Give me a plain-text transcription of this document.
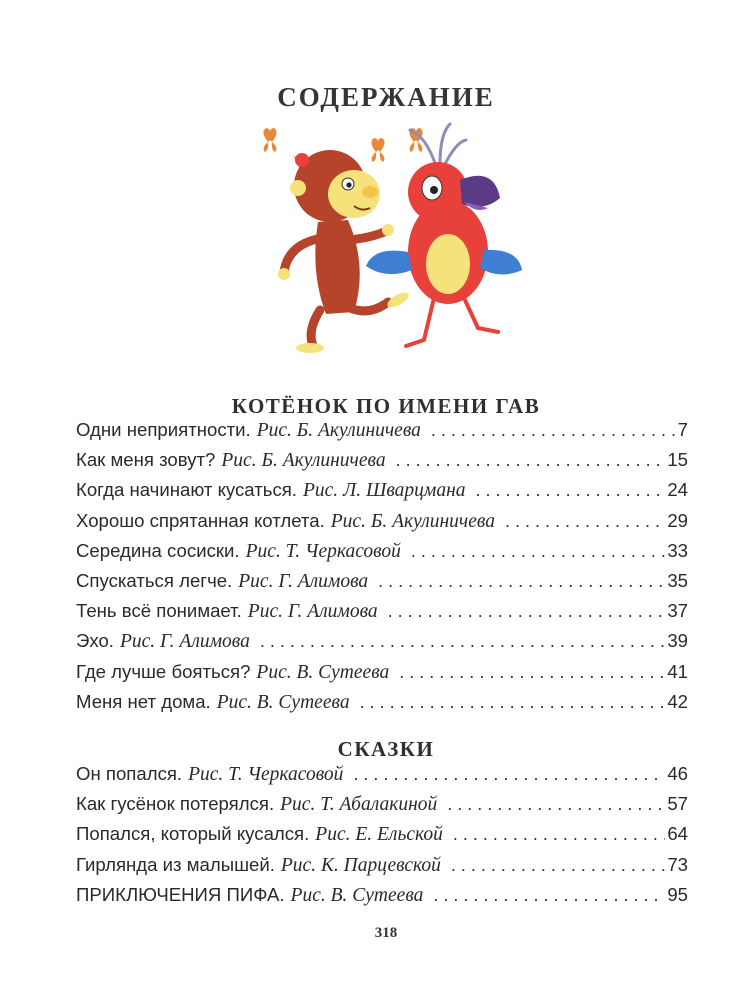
СОДЕРЖАНИЕ
КОТЁНОК ПО ИМЕНИ ГАВ
Одни неприятности. Рис. Б. Акулиничева . . .	7
Как меня зовут? Рис. Б. Акулиничева . . .	15
Когда начинают кусаться. Рис. Л. Шварцмана . . .	24
Хорошо спрятанная котлета. Рис. Б. Акулиничева . . .	29
Середина сосиски. Рис. Т. Черкасовой . . .	33
Спускаться легче. Рис. Г. Алимова . . .	35
Тень всё понимает. Рис. Г. Алимова . . .	37
Эхо. Рис. Г. Алимова . . .	39
Где лучше бояться? Рис. В. Сутеева . . .	41
Меня нет дома. Рис. В. Сутеева . . .	42
СКАЗКИ
Он попался. Рис. Т. Черкасовой . . .	46
Как гусёнок потерялся. Рис. Т. Абалакиной . . .	57
Попался, который кусался. Рис. Е. Ельской . . .	64
Гирлянда из малышей. Рис. К. Парцевской . . .	73
ПРИКЛЮЧЕНИЯ ПИФА. Рис. В. Сутеева . . .	95
318
